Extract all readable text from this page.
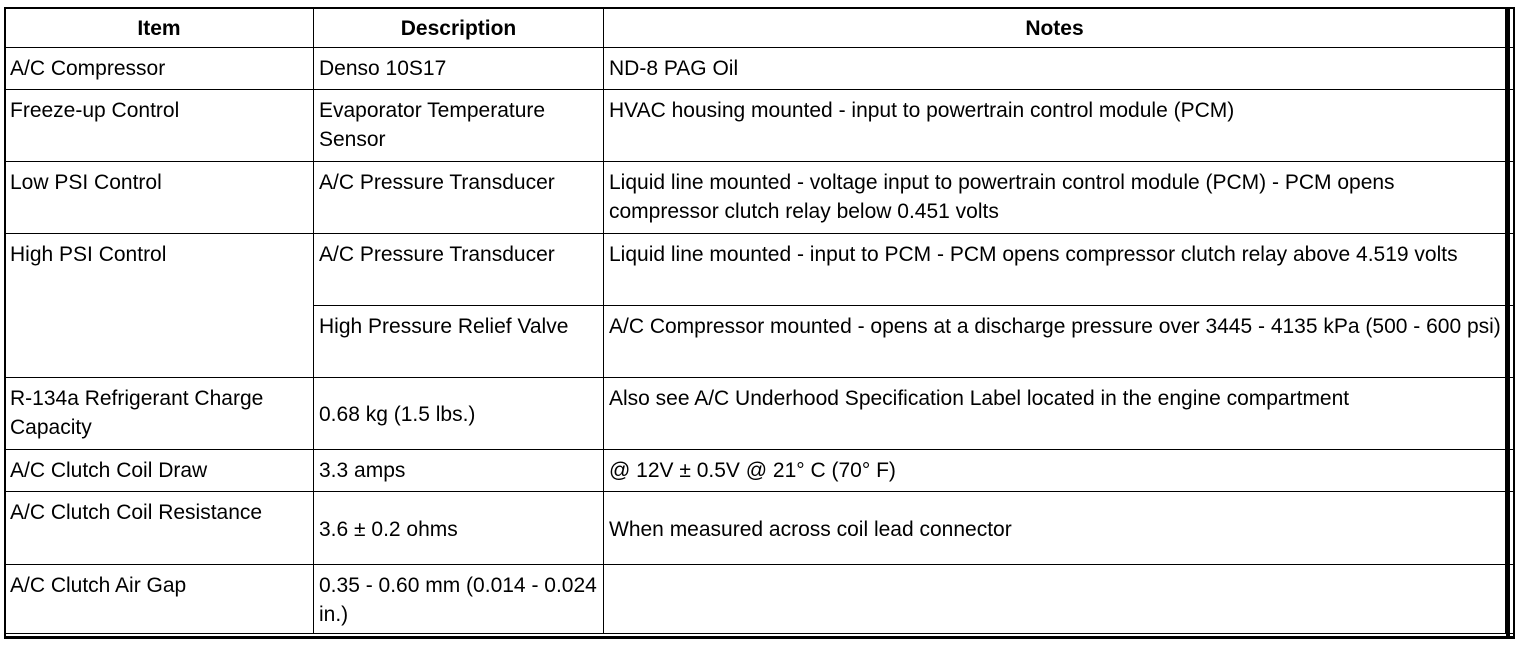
Item	Description	Notes	
A/C Compressor	Denso 10S17	ND-8 PAG Oil	
Freeze-up Control	Evaporator Temperature Sensor	HVAC housing mounted - input to powertrain control module (PCM)	
Low PSI Control	A/C Pressure Transducer	Liquid line mounted - voltage input to powertrain control module (PCM) - PCM opens compressor clutch relay below 0.451 volts	
High PSI Control	A/C Pressure Transducer	Liquid line mounted - input to PCM - PCM opens compressor clutch relay above 4.519 volts	
	High Pressure Relief Valve	A/C Compressor mounted - opens at a discharge pressure over 3445 - 4135 kPa (500 - 600 psi)	
R-134a Refrigerant Charge Capacity	0.68 kg (1.5 lbs.)	Also see A/C Underhood Specification Label located in the engine compartment	
A/C Clutch Coil Draw	3.3 amps	@ 12V ± 0.5V @ 21° C (70° F)	
A/C Clutch Coil Resistance	3.6 ± 0.2 ohms	When measured across coil lead connector	
A/C Clutch Air Gap	0.35 - 0.60 mm (0.014 - 0.024 in.)		
